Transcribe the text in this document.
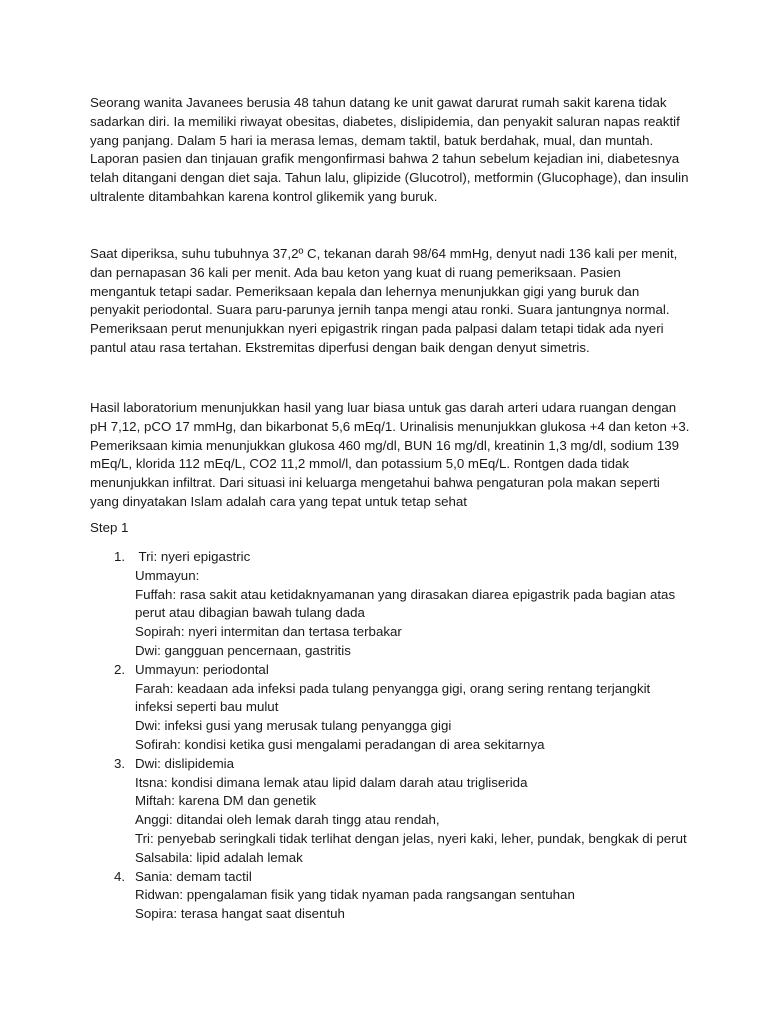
Seorang wanita Javanees berusia 48 tahun datang ke unit gawat darurat rumah sakit karena tidak sadarkan diri. Ia memiliki riwayat obesitas, diabetes, dislipidemia, dan penyakit saluran napas reaktif yang panjang. Dalam 5 hari ia merasa lemas, demam taktil, batuk berdahak, mual, dan muntah. Laporan pasien dan tinjauan grafik mengonfirmasi bahwa 2 tahun sebelum kejadian ini, diabetesnya telah ditangani dengan diet saja. Tahun lalu, glipizide (Glucotrol), metformin (Glucophage), dan insulin ultralente ditambahkan karena kontrol glikemik yang buruk.

Saat diperiksa, suhu tubuhnya 37,2º C, tekanan darah 98/64 mmHg, denyut nadi 136 kali per menit, dan pernapasan 36 kali per menit. Ada bau keton yang kuat di ruang pemeriksaan. Pasien mengantuk tetapi sadar. Pemeriksaan kepala dan lehernya menunjukkan gigi yang buruk dan penyakit periodontal. Suara paru-parunya jernih tanpa mengi atau ronki. Suara jantungnya normal. Pemeriksaan perut menunjukkan nyeri epigastrik ringan pada palpasi dalam tetapi tidak ada nyeri pantul atau rasa tertahan. Ekstremitas diperfusi dengan baik dengan denyut simetris.

Hasil laboratorium menunjukkan hasil yang luar biasa untuk gas darah arteri udara ruangan dengan pH 7,12, pCO 17 mmHg, dan bikarbonat 5,6 mEq/1. Urinalisis menunjukkan glukosa +4 dan keton +3. Pemeriksaan kimia menunjukkan glukosa 460 mg/dl, BUN 16 mg/dl, kreatinin 1,3 mg/dl, sodium 139 mEq/L, klorida 112 mEq/L, CO2 11,2 mmol/l, dan potassium 5,0 mEq/L. Rontgen dada tidak menunjukkan infiltrat. Dari situasi ini keluarga mengetahui bahwa pengaturan pola makan seperti yang dinyatakan Islam adalah cara yang tepat untuk tetap sehat

Step 1

1. Tri: nyeri epigastric
Ummayun:
Fuffah: rasa sakit atau ketidaknyamanan yang dirasakan diarea epigastrik pada bagian atas perut atau dibagian bawah tulang dada
Sopirah: nyeri intermitan dan tertasa terbakar
Dwi: gangguan pencernaan, gastritis
2. Ummayun: periodontal
Farah: keadaan ada infeksi pada tulang penyangga gigi, orang sering rentang terjangkit infeksi seperti bau mulut
Dwi: infeksi gusi yang merusak tulang penyangga gigi
Sofirah: kondisi ketika gusi mengalami peradangan di area sekitarnya
3. Dwi: dislipidemia
Itsna: kondisi dimana lemak atau lipid dalam darah atau trigliserida
Miftah: karena DM dan genetik
Anggi: ditandai oleh lemak darah tingg atau rendah,
Tri: penyebab seringkali tidak terlihat dengan jelas, nyeri kaki, leher, pundak, bengkak di perut
Salsabila: lipid adalah lemak
4. Sania: demam tactil
Ridwan: ppengalaman fisik yang tidak nyaman pada rangsangan sentuhan
Sopira: terasa hangat saat disentuh
